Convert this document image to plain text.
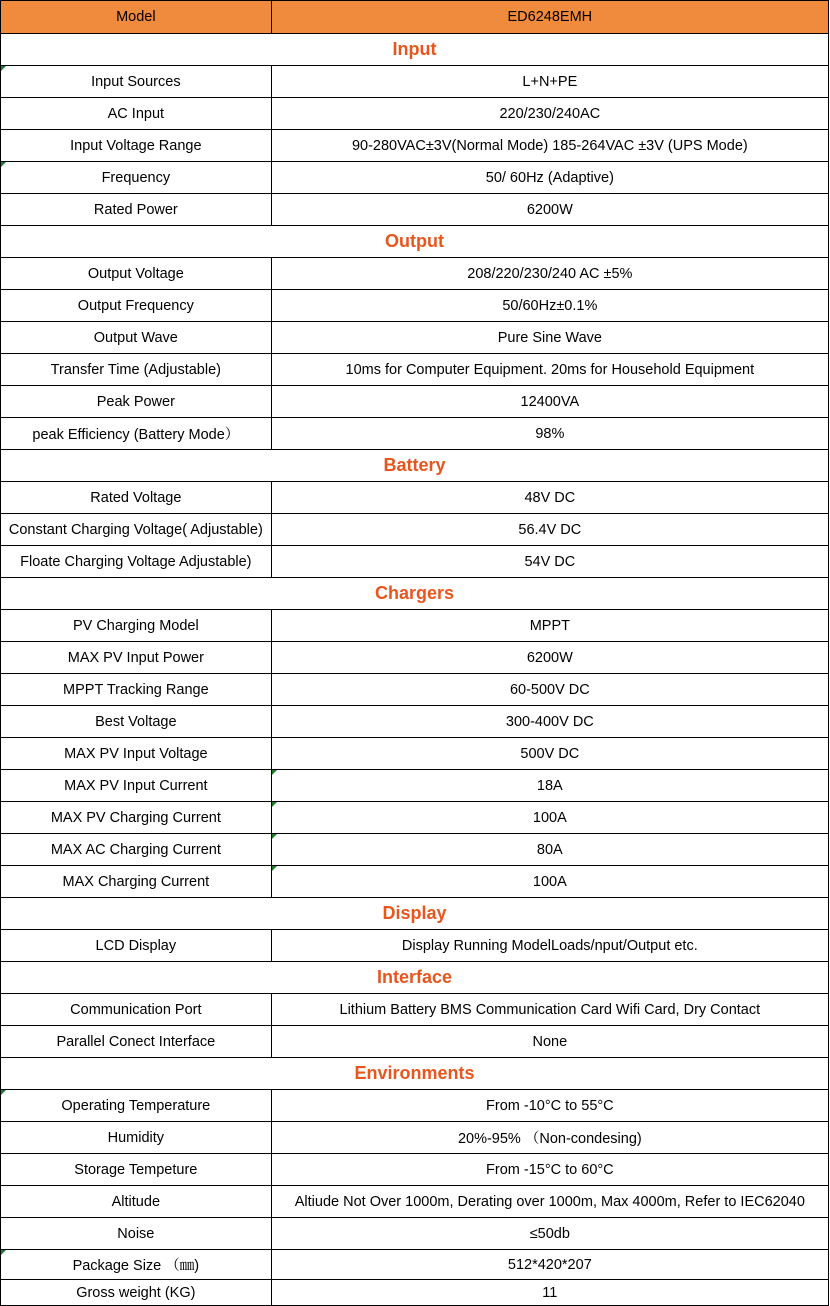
Model	ED6248EMH
Input
Input Sources	L+N+PE
AC Input	220/230/240AC
Input Voltage Range	90-280VAC±3V(Normal Mode) 185-264VAC ±3V (UPS Mode)
Frequency	50/ 60Hz (Adaptive)
Rated Power	6200W
Output
Output Voltage	208/220/230/240 AC ±5%
Output Frequency	50/60Hz±0.1%
Output Wave	Pure Sine Wave
Transfer Time (Adjustable)	10ms for Computer Equipment. 20ms for Household Equipment
Peak Power	12400VA
peak Efficiency (Battery Mode）	98%
Battery
Rated Voltage	48V DC
Constant Charging Voltage( Adjustable)	56.4V DC
Floate Charging Voltage Adjustable)	54V DC
Chargers
PV Charging Model	MPPT
MAX PV Input Power	6200W
MPPT Tracking Range	60-500V DC
Best Voltage	300-400V DC
MAX PV Input Voltage	500V DC
MAX PV Input Current	18A
MAX PV Charging Current	100A
MAX AC Charging Current	80A
MAX Charging Current	100A
Display
LCD Display	Display Running ModelLoads/nput/Output etc.
Interface
Communication Port	Lithium Battery BMS Communication Card Wifi Card, Dry Contact
Parallel Conect Interface	None
Environments
Operating Temperature	From -10°C to 55°C
Humidity	20%-95% （Non-condesing)
Storage Tempeture	From -15°C to 60°C
Altitude	Altiude Not Over 1000m, Derating over 1000m, Max 4000m, Refer to IEC62040
Noise	≤50db
Package Size （㎜)	512*420*207
Gross weight (KG)	11
